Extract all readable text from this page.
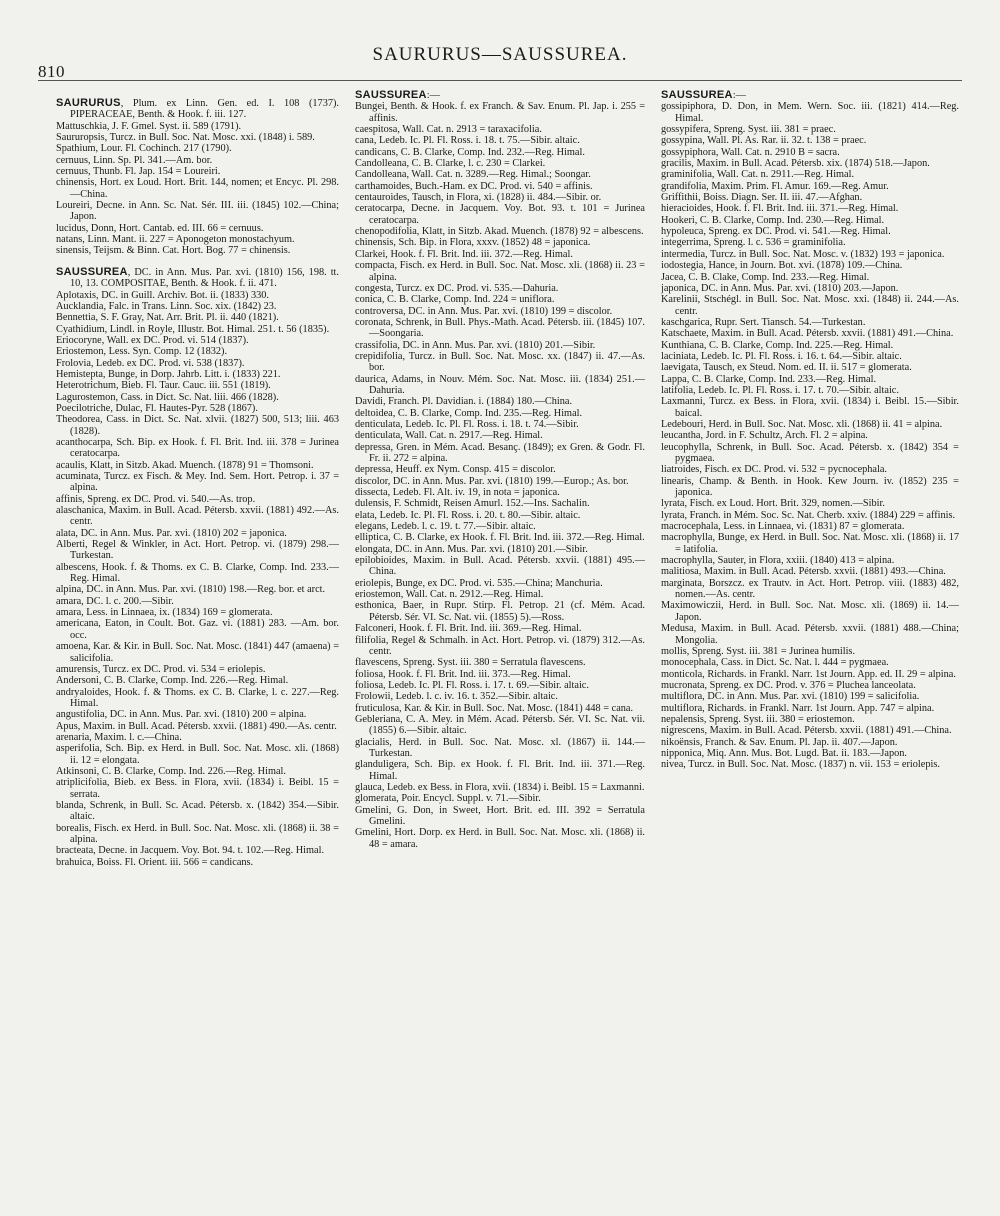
810
SAURURUS—SAUSSUREA.

SAURURUS, Plum. ex Linn. Gen. ed. I. 108 (1737). PIPERACEAE, Benth. & Hook. f. iii. 127.

Mattuschkia, J. F. Gmel. Syst. ii. 589 (1791).

Saururopsis, Turcz. in Bull. Soc. Nat. Mosc. xxi. (1848) i. 589.

Spathium, Lour. Fl. Cochinch. 217 (1790).

cernuus, Linn. Sp. Pl. 341.—Am. bor.

cernuus, Thunb. Fl. Jap. 154 = Loureiri.

chinensis, Hort. ex Loud. Hort. Brit. 144, nomen; et Encyc. Pl. 298.—China.

Loureiri, Decne. in Ann. Sc. Nat. Sér. III. iii. (1845) 102.—China; Japon.

lucidus, Donn, Hort. Cantab. ed. III. 66 = cernuus.

natans, Linn. Mant. ii. 227 = Aponogeton monostachyum.

sinensis, Teijsm. & Binn. Cat. Hort. Bog. 77 = chinensis.

SAUSSUREA, DC. in Ann. Mus. Par. xvi. (1810) 156, 198. tt. 10, 13. COMPOSITAE, Benth. & Hook. f. ii. 471.

Aplotaxis, DC. in Guill. Archiv. Bot. ii. (1833) 330.

Aucklandia, Falc. in Trans. Linn. Soc. xix. (1842) 23.

Bennettia, S. F. Gray, Nat. Arr. Brit. Pl. ii. 440 (1821).

Cyathidium, Lindl. in Royle, Illustr. Bot. Himal. 251. t. 56 (1835).

Eriocoryne, Wall. ex DC. Prod. vi. 514 (1837).

Eriostemon, Less. Syn. Comp. 12 (1832).

Frolovia, Ledeb. ex DC. Prod. vi. 538 (1837).

Hemistepta, Bunge, in Dorp. Jahrb. Litt. i. (1833) 221.

Heterotrichum, Bieb. Fl. Taur. Cauc. iii. 551 (1819).

Lagurostemon, Cass. in Dict. Sc. Nat. liii. 466 (1828).

Poecilotriche, Dulac, Fl. Hautes-Pyr. 528 (1867).

Theodorea, Cass. in Dict. Sc. Nat. xlvii. (1827) 500, 513; liii. 463 (1828).

acanthocarpa, Sch. Bip. ex Hook. f. Fl. Brit. Ind. iii. 378 = Jurinea ceratocarpa.

acaulis, Klatt, in Sitzb. Akad. Muench. (1878) 91 = Thomsoni.

acuminata, Turcz. ex Fisch. & Mey. Ind. Sem. Hort. Petrop. i. 37 = alpina.

affinis, Spreng. ex DC. Prod. vi. 540.—As. trop.

alaschanica, Maxim. in Bull. Acad. Pétersb. xxvii. (1881) 492.—As. centr.

alata, DC. in Ann. Mus. Par. xvi. (1810) 202 = japonica.

Alberti, Regel & Winkler, in Act. Hort. Petrop. vi. (1879) 298.—Turkestan.

albescens, Hook. f. & Thoms. ex C. B. Clarke, Comp. Ind. 233.—Reg. Himal.

alpina, DC. in Ann. Mus. Par. xvi. (1810) 198.—Reg. bor. et arct.

amara, DC. l. c. 200.—Sibir.

amara, Less. in Linnaea, ix. (1834) 169 = glomerata.

americana, Eaton, in Coult. Bot. Gaz. vi. (1881) 283. —Am. bor. occ.

amoena, Kar. & Kir. in Bull. Soc. Nat. Mosc. (1841) 447 (amaena) = salicifolia.

amurensis, Turcz. ex DC. Prod. vi. 534 = eriolepis.

Andersoni, C. B. Clarke, Comp. Ind. 226.—Reg. Himal.

andryaloides, Hook. f. & Thoms. ex C. B. Clarke, l. c. 227.—Reg. Himal.

angustifolia, DC. in Ann. Mus. Par. xvi. (1810) 200 = alpina.

Apus, Maxim. in Bull. Acad. Pétersb. xxvii. (1881) 490.—As. centr.

arenaria, Maxim. l. c.—China.

asperifolia, Sch. Bip. ex Herd. in Bull. Soc. Nat. Mosc. xli. (1868) ii. 12 = elongata.

Atkinsoni, C. B. Clarke, Comp. Ind. 226.—Reg. Himal.

atriplicifolia, Bieb. ex Bess. in Flora, xvii. (1834) i. Beibl. 15 = serrata.

blanda, Schrenk, in Bull. Sc. Acad. Pétersb. x. (1842) 354.—Sibir. altaic.

borealis, Fisch. ex Herd. in Bull. Soc. Nat. Mosc. xli. (1868) ii. 38 = alpina.

bracteata, Decne. in Jacquem. Voy. Bot. 94. t. 102.—Reg. Himal.

brahuica, Boiss. Fl. Orient. iii. 566 = candicans.

SAUSSUREA:—

Bungei, Benth. & Hook. f. ex Franch. & Sav. Enum. Pl. Jap. i. 255 = affinis.

caespitosa, Wall. Cat. n. 2913 = taraxacifolia.

cana, Ledeb. Ic. Pl. Fl. Ross. i. 18. t. 75.—Sibir. altaic.

candicans, C. B. Clarke, Comp. Ind. 232.—Reg. Himal.

Candolleana, C. B. Clarke, l. c. 230 = Clarkei.

Candolleana, Wall. Cat. n. 3289.—Reg. Himal.; Soongar.

carthamoides, Buch.-Ham. ex DC. Prod. vi. 540 = affinis.

centauroides, Tausch, in Flora, xi. (1828) ii. 484.—Sibir. or.

ceratocarpa, Decne. in Jacquem. Voy. Bot. 93. t. 101 = Jurinea ceratocarpa.

chenopodifolia, Klatt, in Sitzb. Akad. Muench. (1878) 92 = albescens.

chinensis, Sch. Bip. in Flora, xxxv. (1852) 48 = japonica.

Clarkei, Hook. f. Fl. Brit. Ind. iii. 372.—Reg. Himal.

compacta, Fisch. ex Herd. in Bull. Soc. Nat. Mosc. xli. (1868) ii. 23 = alpina.

congesta, Turcz. ex DC. Prod. vi. 535.—Dahuria.

conica, C. B. Clarke, Comp. Ind. 224 = uniflora.

controversa, DC. in Ann. Mus. Par. xvi. (1810) 199 = discolor.

coronata, Schrenk, in Bull. Phys.-Math. Acad. Pétersb. iii. (1845) 107.—Soongaria.

crassifolia, DC. in Ann. Mus. Par. xvi. (1810) 201.—Sibir.

crepidifolia, Turcz. in Bull. Soc. Nat. Mosc. xx. (1847) ii. 47.—As. bor.

daurica, Adams, in Nouv. Mém. Soc. Nat. Mosc. iii. (1834) 251.—Dahuria.

Davidi, Franch. Pl. Davidian. i. (1884) 180.—China.

deltoidea, C. B. Clarke, Comp. Ind. 235.—Reg. Himal.

denticulata, Ledeb. Ic. Pl. Fl. Ross. i. 18. t. 74.—Sibir.

denticulata, Wall. Cat. n. 2917.—Reg. Himal.

depressa, Gren. in Mém. Acad. Besanç. (1849); ex Gren. & Godr. Fl. Fr. ii. 272 = alpina.

depressa, Heuff. ex Nym. Consp. 415 = discolor.

discolor, DC. in Ann. Mus. Par. xvi. (1810) 199.—Europ.; As. bor.

dissecta, Ledeb. Fl. Alt. iv. 19, in nota = japonica.

dulensis, F. Schmidt, Reisen Amurl. 152.—Ins. Sachalin.

elata, Ledeb. Ic. Pl. Fl. Ross. i. 20. t. 80.—Sibir. altaic.

elegans, Ledeb. l. c. 19. t. 77.—Sibir. altaic.

elliptica, C. B. Clarke, ex Hook. f. Fl. Brit. Ind. iii. 372.—Reg. Himal.

elongata, DC. in Ann. Mus. Par. xvi. (1810) 201.—Sibir.

epilobioides, Maxim. in Bull. Acad. Pétersb. xxvii. (1881) 495.—China.

eriolepis, Bunge, ex DC. Prod. vi. 535.—China; Manchuria.

eriostemon, Wall. Cat. n. 2912.—Reg. Himal.

esthonica, Baer, in Rupr. Stirp. Fl. Petrop. 21 (cf. Mém. Acad. Pétersb. Sér. VI. Sc. Nat. vii. (1855) 5).—Ross.

Falconeri, Hook. f. Fl. Brit. Ind. iii. 369.—Reg. Himal.

filifolia, Regel & Schmalh. in Act. Hort. Petrop. vi. (1879) 312.—As. centr.

flavescens, Spreng. Syst. iii. 380 = Serratula flavescens.

foliosa, Hook. f. Fl. Brit. Ind. iii. 373.—Reg. Himal.

foliosa, Ledeb. Ic. Pl. Fl. Ross. i. 17. t. 69.—Sibir. altaic.

Frolowii, Ledeb. l. c. iv. 16. t. 352.—Sibir. altaic.

fruticulosa, Kar. & Kir. in Bull. Soc. Nat. Mosc. (1841) 448 = cana.

Gebleriana, C. A. Mey. in Mém. Acad. Pétersb. Sér. VI. Sc. Nat. vii. (1855) 6.—Sibir. altaic.

glacialis, Herd. in Bull. Soc. Nat. Mosc. xl. (1867) ii. 144.—Turkestan.

glanduligera, Sch. Bip. ex Hook. f. Fl. Brit. Ind. iii. 371.—Reg. Himal.

glauca, Ledeb. ex Bess. in Flora, xvii. (1834) i. Beibl. 15 = Laxmanni.

glomerata, Poir. Encycl. Suppl. v. 71.—Sibir.

Gmelini, G. Don, in Sweet, Hort. Brit. ed. III. 392 = Serratula Gmelini.

Gmelini, Hort. Dorp. ex Herd. in Bull. Soc. Nat. Mosc. xli. (1868) ii. 48 = amara.

SAUSSUREA:—

gossipiphora, D. Don, in Mem. Wern. Soc. iii. (1821) 414.—Reg. Himal.

gossypifera, Spreng. Syst. iii. 381 = praec.

gossypina, Wall. Pl. As. Rar. ii. 32. t. 138 = praec.

gossypiphora, Wall. Cat. n. 2910 B = sacra.

gracilis, Maxim. in Bull. Acad. Pétersb. xix. (1874) 518.—Japon.

graminifolia, Wall. Cat. n. 2911.—Reg. Himal.

grandifolia, Maxim. Prim. Fl. Amur. 169.—Reg. Amur.

Griffithii, Boiss. Diagn. Ser. II. iii. 47.—Afghan.

hieracioides, Hook. f. Fl. Brit. Ind. iii. 371.—Reg. Himal.

Hookeri, C. B. Clarke, Comp. Ind. 230.—Reg. Himal.

hypoleuca, Spreng. ex DC. Prod. vi. 541.—Reg. Himal.

integerrima, Spreng. l. c. 536 = graminifolia.

intermedia, Turcz. in Bull. Soc. Nat. Mosc. v. (1832) 193 = japonica.

iodostegia, Hance, in Journ. Bot. xvi. (1878) 109.—China.

Jacea, C. B. Clake, Comp. Ind. 233.—Reg. Himal.

japonica, DC. in Ann. Mus. Par. xvi. (1810) 203.—Japon.

Karelinii, Stschégl. in Bull. Soc. Nat. Mosc. xxi. (1848) ii. 244.—As. centr.

kaschgarica, Rupr. Sert. Tiansch. 54.—Turkestan.

Katschaete, Maxim. in Bull. Acad. Pétersb. xxvii. (1881) 491.—China.

Kunthiana, C. B. Clarke, Comp. Ind. 225.—Reg. Himal.

laciniata, Ledeb. Ic. Pl. Fl. Ross. i. 16. t. 64.—Sibir. altaic.

laevigata, Tausch, ex Steud. Nom. ed. II. ii. 517 = glomerata.

Lappa, C. B. Clarke, Comp. Ind. 233.—Reg. Himal.

latifolia, Ledeb. Ic. Pl. Fl. Ross. i. 17. t. 70.—Sibir. altaic.

Laxmanni, Turcz. ex Bess. in Flora, xvii. (1834) i. Beibl. 15.—Sibir. baical.

Ledebouri, Herd. in Bull. Soc. Nat. Mosc. xli. (1868) ii. 41 = alpina.

leucantha, Jord. in F. Schultz, Arch. Fl. 2 = alpina.

leucophylla, Schrenk, in Bull. Soc. Acad. Pétersb. x. (1842) 354 = pygmaea.

liatroides, Fisch. ex DC. Prod. vi. 532 = pycnocephala.

linearis, Champ. & Benth. in Hook. Kew Journ. iv. (1852) 235 = japonica.

lyrata, Fisch. ex Loud. Hort. Brit. 329, nomen.—Sibir.

lyrata, Franch. in Mém. Soc. Sc. Nat. Cherb. xxiv. (1884) 229 = affinis.

macrocephala, Less. in Linnaea, vi. (1831) 87 = glomerata.

macrophylla, Bunge, ex Herd. in Bull. Soc. Nat. Mosc. xli. (1868) ii. 17 = latifolia.

macrophylla, Sauter, in Flora, xxiii. (1840) 413 = alpina.

malitiosa, Maxim. in Bull. Acad. Pétersb. xxvii. (1881) 493.—China.

marginata, Borszcz. ex Trautv. in Act. Hort. Petrop. viii. (1883) 482, nomen.—As. centr.

Maximowiczii, Herd. in Bull. Soc. Nat. Mosc. xli. (1869) ii. 14.—Japon.

Medusa, Maxim. in Bull. Acad. Pétersb. xxvii. (1881) 488.—China; Mongolia.

mollis, Spreng. Syst. iii. 381 = Jurinea humilis.

monocephala, Cass. in Dict. Sc. Nat. l. 444 = pygmaea.

monticola, Richards. in Frankl. Narr. 1st Journ. App. ed. II. 29 = alpina.

mucronata, Spreng. ex DC. Prod. v. 376 = Pluchea lanceolata.

multiflora, DC. in Ann. Mus. Par. xvi. (1810) 199 = salicifolia.

multiflora, Richards. in Frankl. Narr. 1st Journ. App. 747 = alpina.

nepalensis, Spreng. Syst. iii. 380 = eriostemon.

nigrescens, Maxim. in Bull. Acad. Pétersb. xxvii. (1881) 491.—China.

nikoënsis, Franch. & Sav. Enum. Pl. Jap. ii. 407.—Japon.

nipponica, Miq. Ann. Mus. Bot. Lugd. Bat. ii. 183.—Japon.

nivea, Turcz. in Bull. Soc. Nat. Mosc. (1837) n. vii. 153 = eriolepis.
